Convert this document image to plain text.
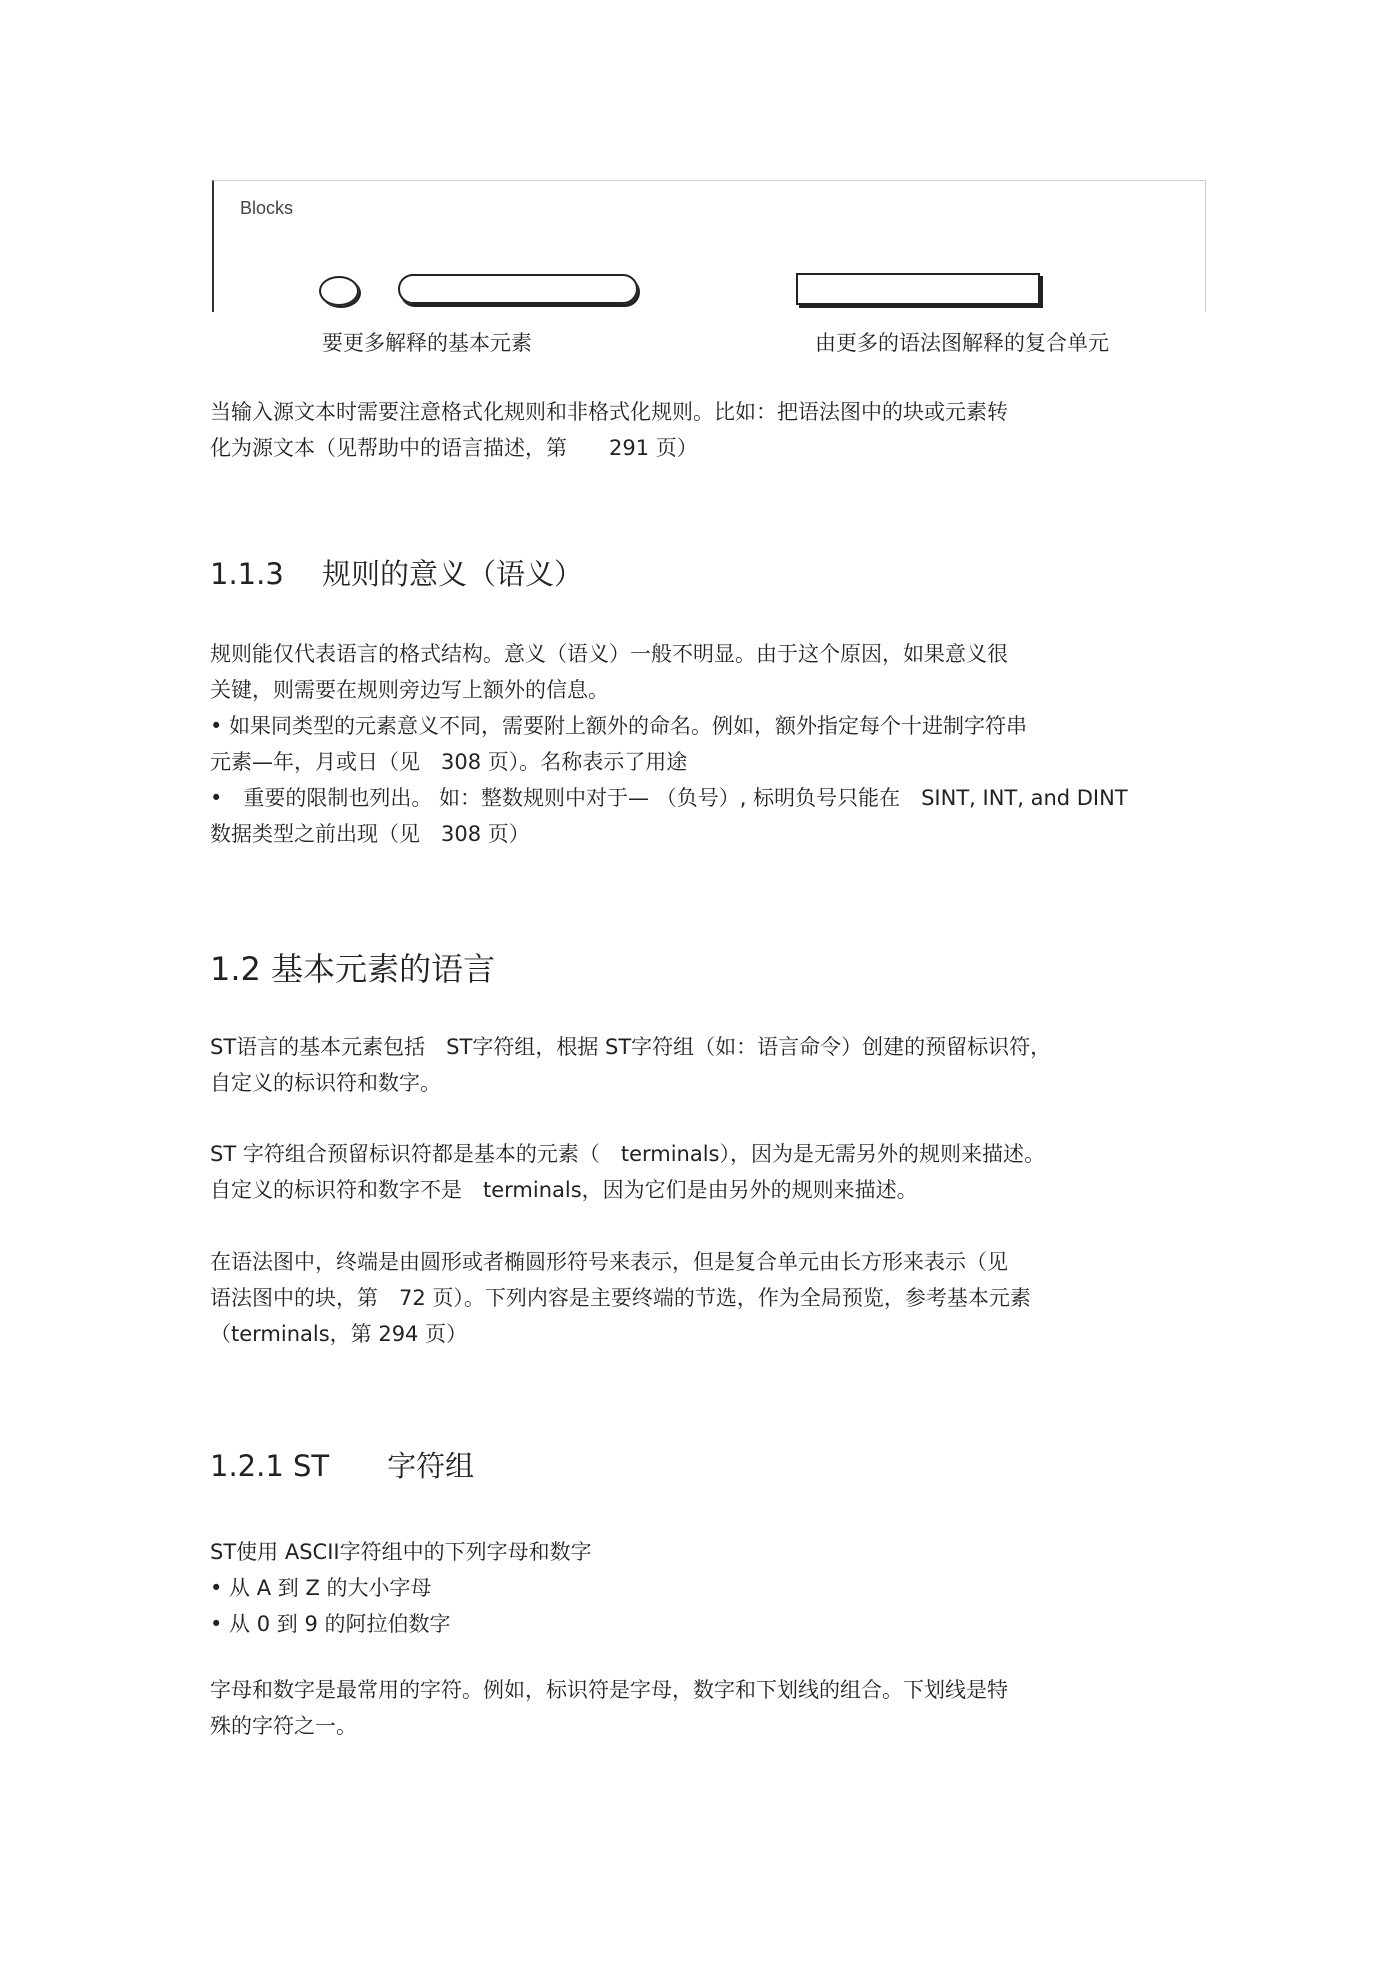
Blocks
要更多解释的基本元素	由更多的语法图解释的复合单元
当输入源文本时需要注意格式化规则和非格式化规则。比如：把语法图中的块或元素转
化为源文本（见帮助中的语言描述，第　　291 页）
1.1.3　 规则的意义（语义）
规则能仅代表语言的格式结构。意义（语义）一般不明显。由于这个原因，如果意义很
关键，则需要在规则旁边写上额外的信息。
• 如果同类型的元素意义不同，需要附上额外的命名。例如，额外指定每个十进制字符串
元素—年，月或日（见　308 页）。名称表示了用途
•　重要的限制也列出。 如：整数规则中对于— （负号）, 标明负号只能在　SINT, INT, and DINT
数据类型之前出现（见　308 页）
1.2 基本元素的语言
ST语言的基本元素包括　ST字符组，根据 ST字符组（如：语言命令）创建的预留标识符，
自定义的标识符和数字。
ST 字符组合预留标识符都是基本的元素（　terminals），因为是无需另外的规则来描述。
自定义的标识符和数字不是　terminals，因为它们是由另外的规则来描述。
在语法图中，终端是由圆形或者椭圆形符号来表示，但是复合单元由长方形来表示（见
语法图中的块，第　72 页）。下列内容是主要终端的节选，作为全局预览，参考基本元素
（terminals，第 294 页）
1.2.1 ST　　字符组
ST使用 ASCII字符组中的下列字母和数字
• 从 A 到 Z 的大小字母
• 从 0 到 9 的阿拉伯数字
字母和数字是最常用的字符。例如，标识符是字母，数字和下划线的组合。下划线是特
殊的字符之一。
